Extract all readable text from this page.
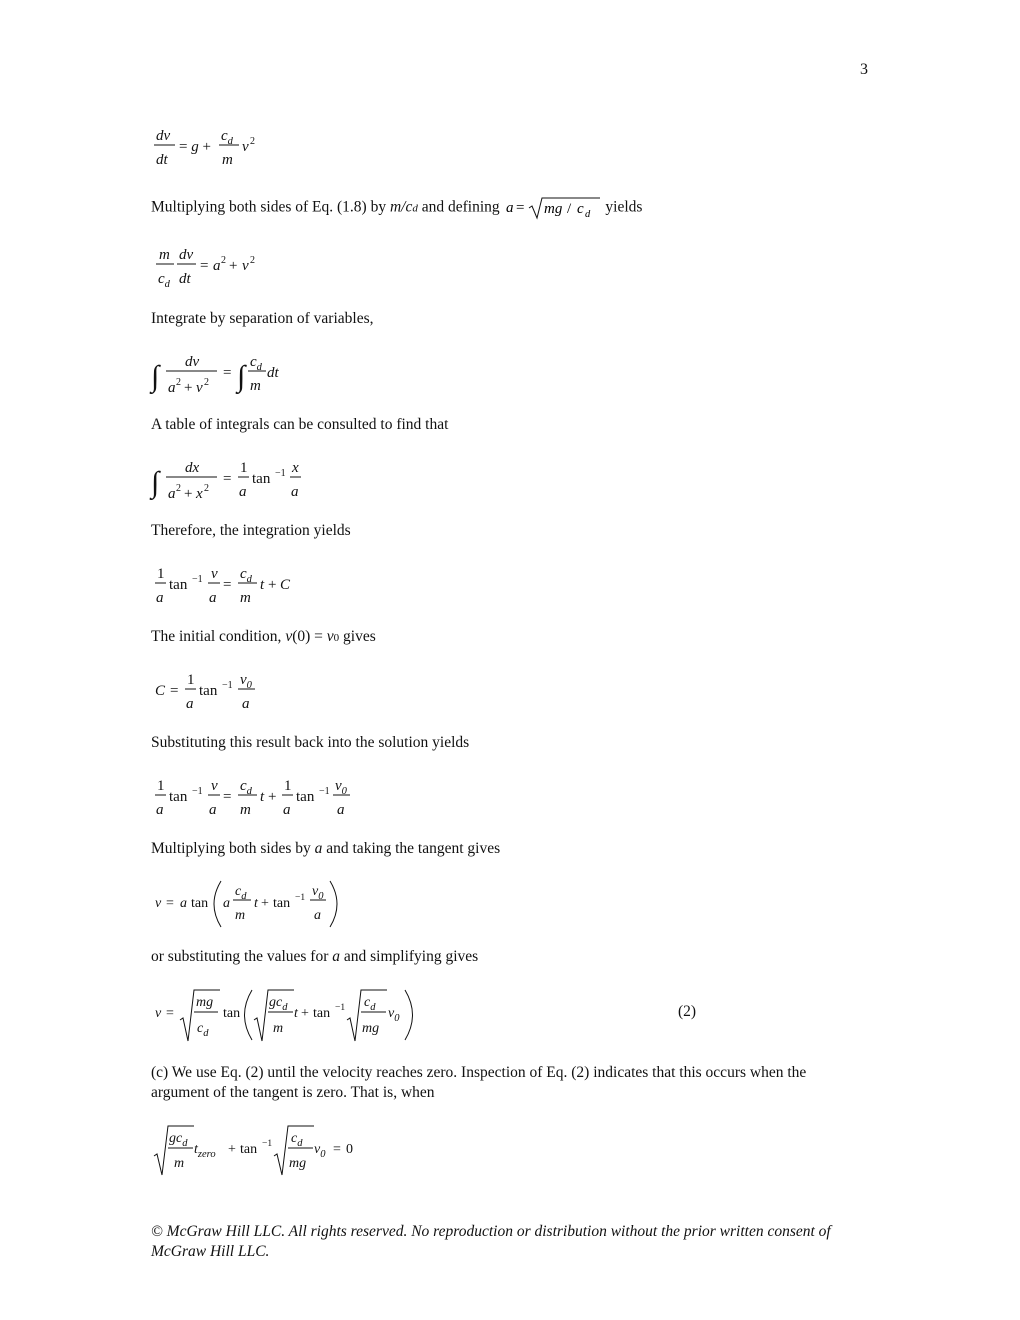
3
dv
dt
= g +
$c_d$
m
v 2
Multiplying both sides of Eq. (1.8) by m/cd and defining a = mg / c d yields
m
$c_d$
dv
dt
= a 2 + v 2
Integrate by separation of variables,
∫ dv
a 2 + v 2
= ∫ $c_d$
m
dt
A table of integrals can be consulted to find that
∫ dx
a 2 + x 2
=
1
a
tan −1 x
a
Therefore, the integration yields
1
a
tan −1 v
a
=
$c_d$
m
t + C
The initial condition, v(0) = v0 gives
C =
1
a
tan −1 $v_0$
a
Substituting this result back into the solution yields
1
a
tan −1 v
a
=
$c_d$
m
t +
1
a
tan −1 $v_0$
a
Multiplying both sides by a and taking the tangent gives
v = a tan a
$c_d$
m
t + tan −1 $v_0$
a
or substituting the values for a and simplifying gives
v =
mg
$c_d$
tan
$gc_d$
m
t + tan −1 $c_d$
mg
$v_0$	(2)
(c) We use Eq. (2) until the velocity reaches zero. Inspection of Eq. (2) indicates that this occurs when the argument of the tangent is zero. That is, when
$gc_d$
m
$t_{zero} + \tan -1$ $c_d$
mg
$v_0 = 0$
© McGraw Hill LLC. All rights reserved. No reproduction or distribution without the prior written consent of McGraw Hill LLC.
